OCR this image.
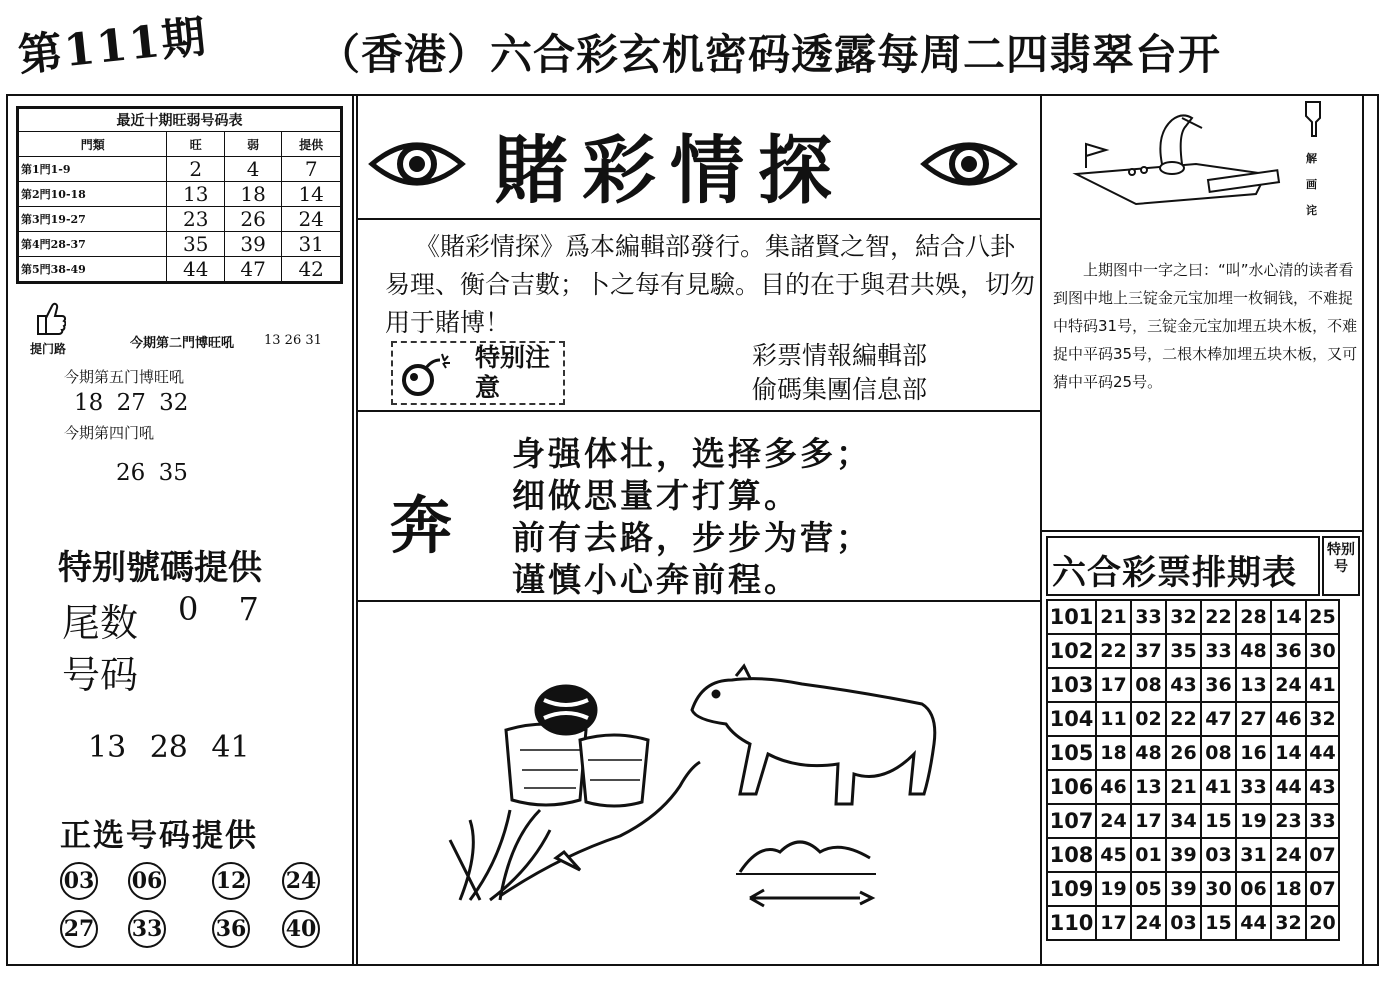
第111期	（香港）六合彩玄机密码透露每周二四翡翠台开
最近十期旺弱号码表			
門類	旺	弱	提供
第1門1-9	2	4	7
第2門10-18	13	18	14
第3門19-27	23	26	24
第4門28-37	35	39	31
第5門38-49	44	47	42
提门路	今期第二門博旺吼 13 26 31
今期第五门博旺吼
18 27 32
今期第四门吼
26 35
特别號碼提供
尾数 0 7
号码
13 28 41
正选号码提供
03 06 12 24
27 33 36 40
賭彩情探
《賭彩情探》爲本編輯部發行。集諸賢之智，結合八卦易理、衡合吉數；卜之每有見驗。目的在于與君共娛，切勿用于賭博！
特别注意
彩票情報編輯部
偷碼集團信息部
奔
身强体壮，选择多多；
细做思量才打算。
前有去路，步步为营；
谨慎小心奔前程。
解画诧
上期图中一字之曰：“叫”水心清的读者看到图中地上三锭金元宝加埋一枚铜钱，不难捉中特码31号，三锭金元宝加埋五块木板，不难捉中平码35号，二根木棒加埋五块木板，又可猜中平码25号。
六合彩票排期表
特别号
101	21	33	32	22	28	14	25
102	22	37	35	33	48	36	30
103	17	08	43	36	13	24	41
104	11	02	22	47	27	46	32
105	18	48	26	08	16	14	44
106	46	13	21	41	33	44	43
107	24	17	34	15	19	23	33
108	45	01	39	03	31	24	07
109	19	05	39	30	06	18	07
110	17	24	03	15	44	32	20
